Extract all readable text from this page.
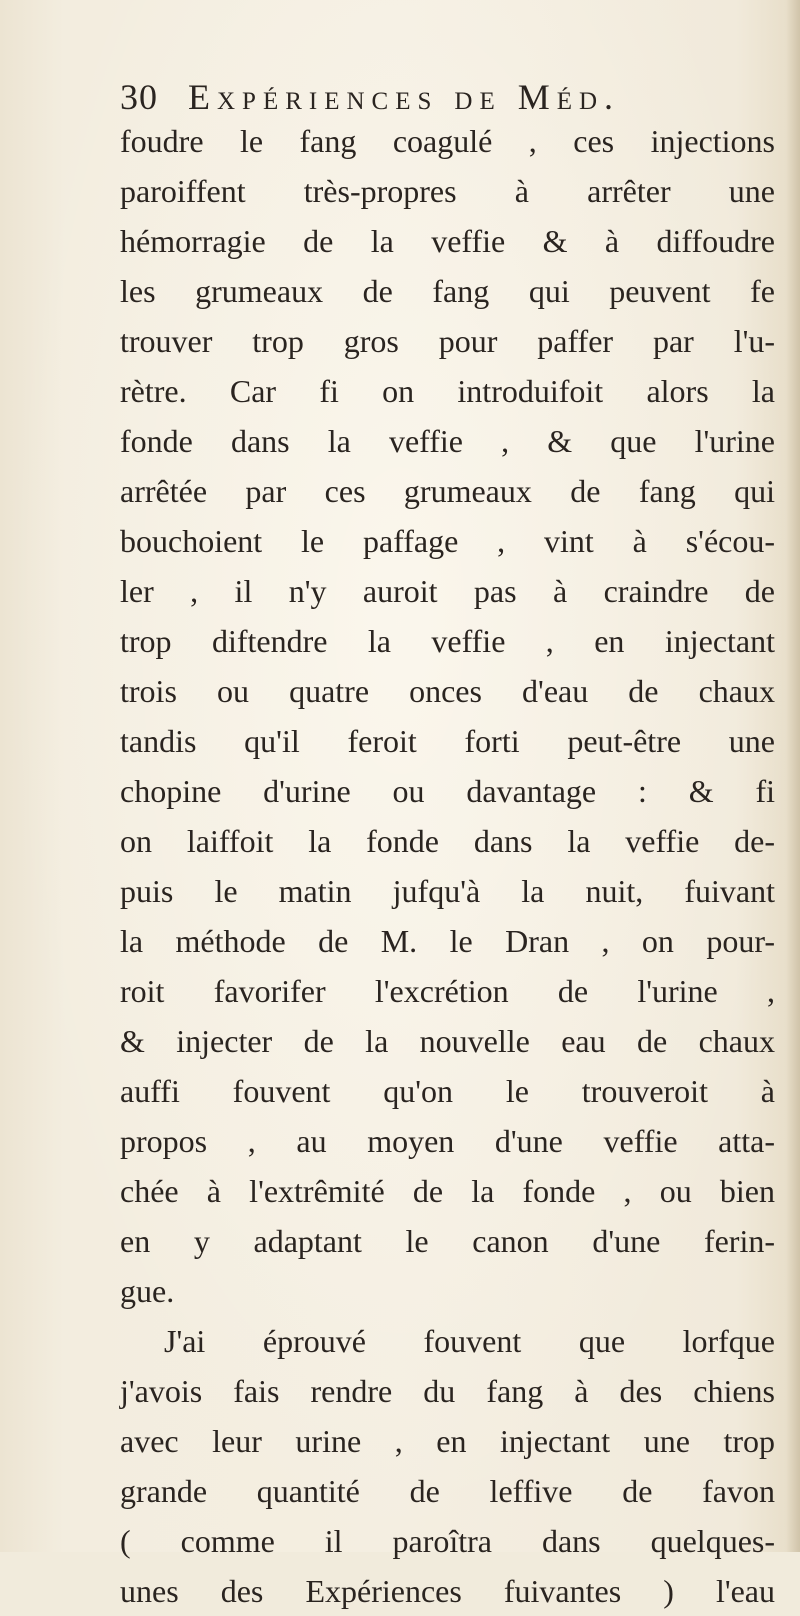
30 Expériences de Méd.
foudre le fang coagulé , ces injections
paroiffent très-propres à arrêter une
hémorragie de la veffie & à diffoudre
les grumeaux de fang qui peuvent fe
trouver trop gros pour paffer par l'u-
rètre. Car fi on introduifoit alors la
fonde dans la veffie , & que l'urine
arrêtée par ces grumeaux de fang qui
bouchoient le paffage , vint à s'écou-
ler , il n'y auroit pas à craindre de
trop diftendre la veffie , en injectant
trois ou quatre onces d'eau de chaux
tandis qu'il feroit forti peut-être une
chopine d'urine ou davantage : & fi
on laiffoit la fonde dans la veffie de-
puis le matin jufqu'à la nuit, fuivant
la méthode de M. le Dran , on pour-
roit favorifer l'excrétion de l'urine ,
& injecter de la nouvelle eau de chaux
auffi fouvent qu'on le trouveroit à
propos , au moyen d'une veffie atta-
chée à l'extrêmité de la fonde , ou bien
en y adaptant le canon d'une ferin-
gue.
J'ai éprouvé fouvent que lorfque
j'avois fais rendre du fang à des chiens
avec leur urine , en injectant une trop
grande quantité de leffive de favon
( comme il paroîtra dans quelques-
unes des Expériences fuivantes ) l'eau
